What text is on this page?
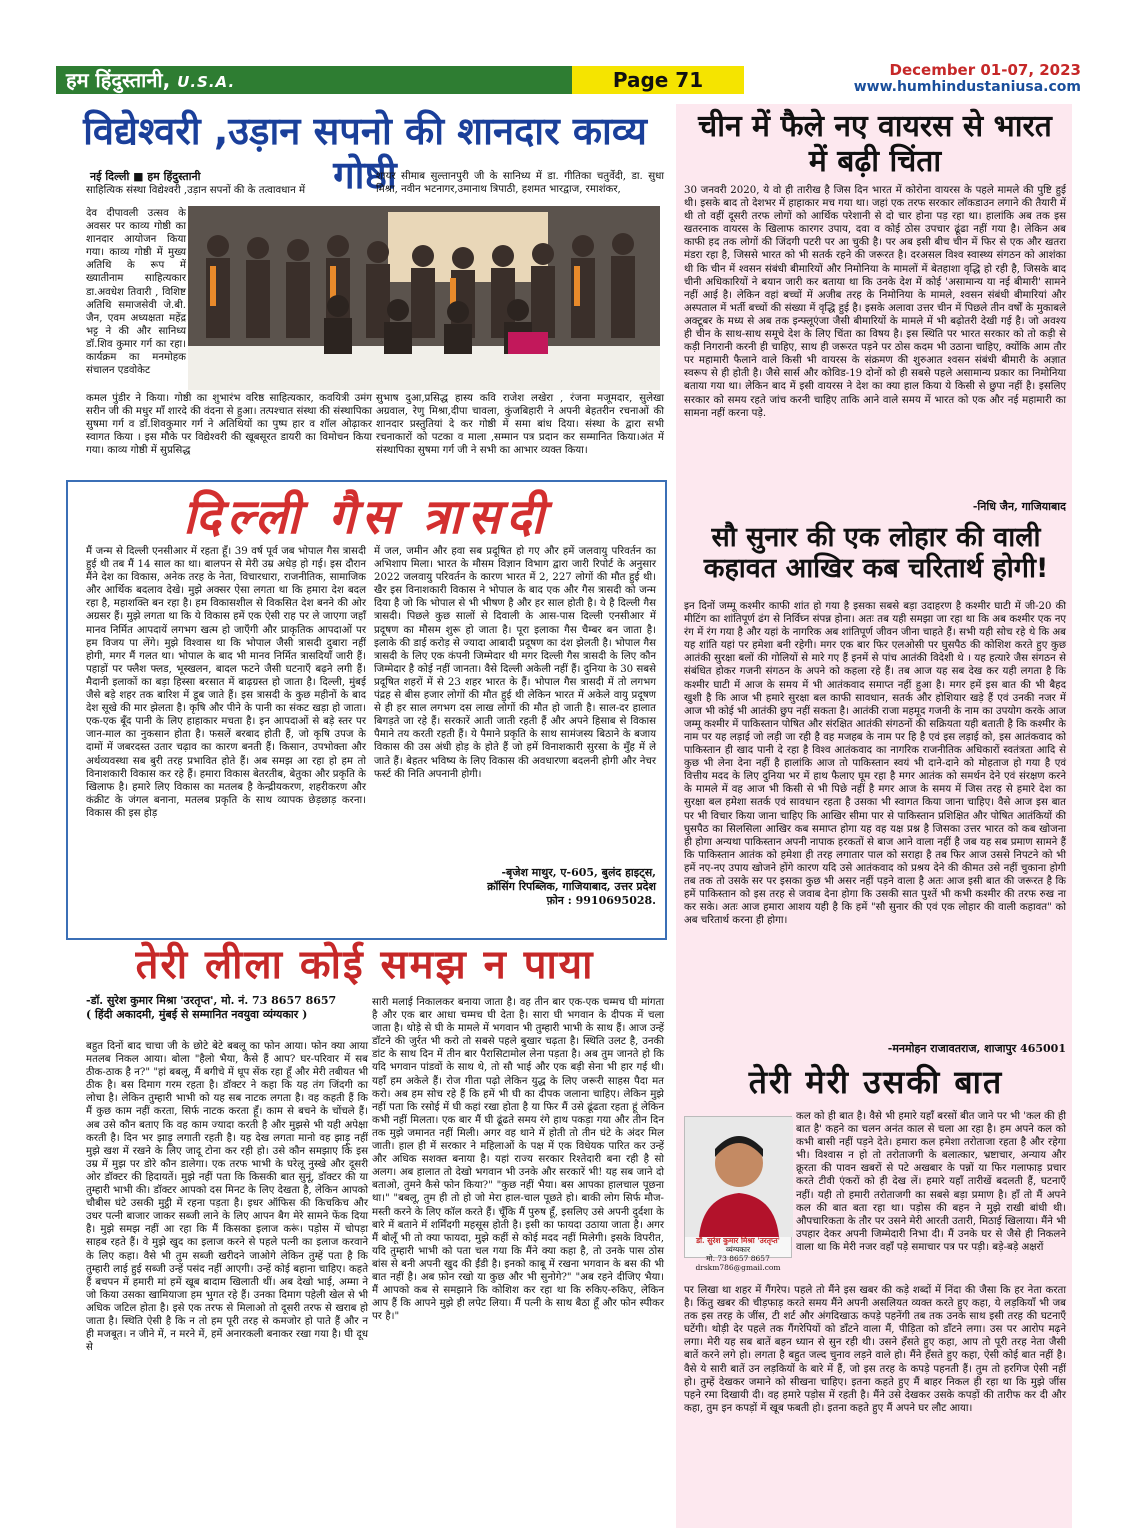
हम हिंदुस्तानी, U.S.A.	Page 71	December 01-07, 2023
www.humhindustaniusa.com
विद्येश्वरी ,उड़ान सपनो की शानदार काव्य गोष्ठी
नई दिल्ली ■ हम हिंदुस्तानी	शायर सीमाब सुल्तानपुरी जी के सानिध्य में डा. गीतिका चतुर्वेदी, डा. सुधा मिश्रा, नवीन भटनागर,उमानाथ त्रिपाठी, हशमत भारद्वाज, रमाशंकर,
साहित्यिक संस्था विद्येश्वरी ,उड़ान सपनों की के तत्वावधान में
देव दीपावली उत्सव के अवसर पर काव्य गोष्ठी का शानदार आयोजन किया गया। काव्य गोष्ठी में मुख्य अतिथि के रूप में ख्यातीनाम साहित्यकार डा.अवधेश तिवारी , विशिष्ट अतिथि समाजसेवी जे.बी. जैन, एवम अध्यक्षता महेंद्र भट्ट ने की और सानिध्य डॉ.शिव कुमार गर्ग का रहा। कार्यक्रम का मनमोहक संचालन एडवोकेट
कमल पुंडीर ने किया। गोष्ठी का शुभारंभ वरिष्ठ साहित्यकार, कवयित्री उमंग सरीन जी की मधुर माँ शारदे की वंदना से हुआ। तत्पश्चात संस्था की संस्थापिका सुषमा गर्ग व डॉ.शिवकुमार गर्ग ने अतिथियों का पुष्प हार व शॉल ओढ़ाकर स्वागत किया । इस मौके पर विद्येश्वरी की खूबसूरत डायरी का विमोचन किया गया। काव्य गोष्ठी में सुप्रसिद्ध
सुभाष दुआ,प्रसिद्ध हास्य कवि राजेश लखेरा , रंजना मजूमदार, सुलेखा अग्रवाल, रेणु मिश्रा,दीपा चावला, कुंजबिहारी ने अपनी बेहतरीन रचनाओं की शानदार प्रस्तुतियां दे कर गोष्ठी में समा बांध दिया। संस्था के द्वारा सभी रचनाकारों को पटका व माला ,सम्मान पत्र प्रदान कर सम्मानित किया।अंत में संस्थापिका सुषमा गर्ग जी ने सभी का आभार व्यक्त किया।
दिल्ली गैस त्रासदी
मैं जन्म से दिल्ली एनसीआर में रहता हूँ। 39 वर्ष पूर्व जब भोपाल गैस त्रासदी हुई थी तब मैं 14 साल का था। बालपन से मेरी उम्र अधेड़ हो गई। इस दौरान मैंने देश का विकास, अनेक तरह के नेता, विचारधारा, राजनीतिक, सामाजिक और आर्थिक बदलाव देखे। मुझे अक्सर ऐसा लगता था कि हमारा देश बदल रहा है, महाशक्ति बन रहा है। हम विकासशील से विकसित देश बनने की ओर अग्रसर हैं। मुझे लगता था कि ये विकास हमें एक ऐसी राह पर ले जाएगा जहाँ मानव निर्मित आपदायें लगभग खत्म हो जाएँगी और प्राकृतिक आपदाओं पर हम विजय पा लेंगे। मुझे विश्वास था कि भोपाल जैसी त्रासदी दुबारा नहीं होगी, मगर मैं गलत था। भोपाल के बाद भी मानव निर्मित त्रासदियाँ जारी हैं। पहाड़ों पर फ्लैश फ्लड, भूस्खलन, बादल फटने जैसी घटनाएँ बढ़ने लगी हैं। मैदानी इलाकों का बड़ा हिस्सा बरसात में बाढ़ग्रस्त हो जाता है। दिल्ली, मुंबई जैसे बड़े शहर तक बारिश में डूब जाते हैं। इस त्रासदी के कुछ महीनों के बाद देश सूखे की मार झेलता है। कृषि और पीने के पानी का संकट खड़ा हो जाता। एक-एक बूँद पानी के लिए हाहाकार मचता है। इन आपदाओं से बड़े स्तर पर जान-माल का नुकसान होता है। फसलें बरबाद होती हैं, जो कृषि उपज के दामों में जबरदस्त उतार चढ़ाव का कारण बनती हैं। किसान, उपभोक्ता और अर्थव्यवस्था सब बुरी तरह प्रभावित होते हैं। अब समझ आ रहा हो हम तो विनाशकारी विकास कर रहे हैं। हमारा विकास बेतरतीब, बेतुका और प्रकृति के खिलाफ है। हमारे लिए विकास का मतलब है केन्द्रीयकरण, शहरीकरण और कंक्रीट के जंगल बनाना, मतलब प्रकृति के साथ व्यापक छेड़छाड़ करना। विकास की इस होड़
में जल, जमीन और हवा सब प्रदूषित हो गए और हमें जलवायु परिवर्तन का अभिशाप मिला। भारत के मौसम विज्ञान विभाग द्वारा जारी रिपोर्ट के अनुसार 2022 जलवायु परिवर्तन के कारण भारत में 2, 227 लोगों की मौत हुई थी। खैर इस विनाशकारी विकास ने भोपाल के बाद एक और गैस त्रासदी को जन्म दिया है जो कि भोपाल से भी भीषण है और हर साल होती है। ये है दिल्ली गैस त्रासदी। पिछले कुछ सालों से दिवाली के आस-पास दिल्ली एनसीआर में प्रदूषण का मौसम शुरू हो जाता है। पूरा इलाका गैस चैम्बर बन जाता है। इलाके की डाई करोड़ से ज्यादा आबादी प्रदूषण का दंश झेलती है। भोपाल गैस त्रासदी के लिए एक कंपनी जिम्मेदार थी मगर दिल्ली गैस त्रासदी के लिए कौन जिम्मेदार है कोई नहीं जानता। वैसे दिल्ली अकेली नहीं हैं। दुनिया के 30 सबसे प्रदूषित शहरों में से 23 शहर भारत के हैं। भोपाल गैस त्रासदी में तो लगभग पंद्रह से बीस हजार लोगों की मौत हुई थी लेकिन भारत में अकेले वायु प्रदूषण से ही हर साल लगभग दस लाख लोगों की मौत हो जाती है। साल-दर हालात बिगड़ते जा रहे हैं। सरकारें आती जाती रहती हैं और अपने हिसाब से विकास पैमाने तय करती रहती हैं। ये पैमाने प्रकृति के साथ सामंजस्य बिठाने के बजाय विकास की उस अंधी होड़ के होते हैं जो हमें विनाशकारी सुरसा के मुँह में ले जाते हैं। बेहतर भविष्य के लिए विकास की अवधारणा बदलनी होगी और नेचर फर्स्ट की निति अपनानी होगी।
-बृजेश माथुर, ए-605, बुलंद हाइट्स,
क्रॉसिंग रिपब्लिक, गाजियाबाद, उत्तर प्रदेश
फ़ोन : 9910695028.
तेरी लीला कोई समझ न पाया
-डॉ. सुरेश कुमार मिश्रा 'उरतृप्त', मो. नं. 73 8657 8657
( हिंदी अकादमी, मुंबई से सम्मानित नवयुवा व्यंग्यकार )
बहुत दिनों बाद चाचा जी के छोटे बेटे बबलू का फोन आया। फोन क्या आया मतलब निकल आया। बोला "हैलो भैया, कैसे हैं आप? घर-परिवार में सब ठीक-ठाक है न?" "हां बबलू, मैं बगीचे में धूप सेंक रहा हूँ और मेरी तबीयत भी ठीक है। बस दिमाग गरम रहता है। डॉक्टर ने कहा कि यह तंग जिंदगी का लोचा है। लेकिन तुम्हारी भाभी को यह सब नाटक लगता है। वह कहती हैं कि मैं कुछ काम नहीं करता, सिर्फ नाटक करता हूँ। काम से बचने के चोंचले हैं। अब उसे कौन बताए कि वह काम ज्यादा करती है और मुझसे भी यही अपेक्षा करती है। दिन भर झाड़ू लगाती रहती है। यह देख लगता मानो वह झाड़ू नहीं मुझे खश में रखने के लिए जादू टोना कर रही हो। उसे कौन समझाए कि इस उम्र में मुझ पर डोरे कौन डालेगा। एक तरफ भाभी के घरेलू नुस्खे और दूसरी ओर डॉक्टर की हिदायतें। मुझे नहीं पता कि किसकी बात सुनूं, डॉक्टर की या तुम्हारी भाभी की। डॉक्टर आपको दस मिनट के लिए देखता है, लेकिन आपको चौबीस घंटे उसकी मुट्ठी में रहना पड़ता है। इधर ऑफिस की किचकिच और उधर पत्नी बाजार जाकर सब्जी लाने के लिए आपन बैग मेरे सामने फेंक दिया है। मुझे समझ नहीं आ रहा कि मैं किसका इलाज करूं। पड़ोस में चोपड़ा साहब रहते हैं। वे मुझे खुद का इलाज करने से पहले पत्नी का इलाज करवाने के लिए कहा। वैसे भी तुम सब्जी खरीदने जाओगे लेकिन तुम्हें पता है कि तुम्हारी लाई हुई सब्जी उन्हें पसंद नहीं आएगी। उन्हें कोई बहाना चाहिए। कहते हैं बचपन में हमारी मां हमें खूब बादाम खिलाती थीं। अब देखो भाई, अम्मा ने जो किया उसका खामियाजा हम भुगत रहे हैं। उनका दिमाग पहेली खेल से भी अधिक जटिल होता है। इसे एक तरफ से मिलाओ तो दूसरी तरफ से खराब हो जाता है। स्थिति ऐसी है कि न तो हम पूरी तरह से कमजोर हो पाते हैं और न ही मजबूत। न जीने में, न मरने में, हमें अनारकली बनाकर रखा गया है। घी दूध से
सारी मलाई निकालकर बनाया जाता है। वह तीन बार एक-एक चम्मच घी मांगता है और एक बार आधा चम्मच घी देता है। सारा घी भगवान के दीपक में चला जाता है। थोड़े से घी के मामले में भगवान भी तुम्हारी भाभी के साथ हैं। आज उन्हें डॉटने की जुर्रत भी करो तो सबसे पहले बुखार चढ़ता है। स्थिति उलट है, उनकी डांट के साथ दिन में तीन बार पैरासिटामोल लेना पड़ता है। अब तुम जानते हो कि यदि भगवान पांडवों के साथ थे, तो सौ भाई और एक बड़ी सेना भी हार गई थी। यहाँ हम अकेले हैं। रोज गीता पढ़ो लेकिन युद्ध के लिए जरूरी साहस पैदा मत करो। अब हम सोच रहे हैं कि हमें भी घी का दीपक जलाना चाहिए। लेकिन मुझे नहीं पता कि रसोई में घी कहां रखा होता है या फिर मैं उसे ढूंढता रहता हूं लेकिन कभी नहीं मिलता। एक बार मैं घी ढूंढते समय रंगे हाथ पकड़ा गया और तीन दिन तक मुझे जमानत नहीं मिली। अगर वह थाने में होती तो तीन घंटे के अंदर मिल जाती। हाल ही में सरकार ने महिलाओं के पक्ष में एक विधेयक पारित कर उन्हें और अधिक सशक्त बनाया है। यहां राज्य सरकार रिश्तेदारी बना रही है सो अलग। अब हालात तो देखो भगवान भी उनके और सरकारें भी! यह सब जाने दो बताओ, तुमने कैसे फोन किया?" "कुछ नहीं भैया। बस आपका हालचाल पूछना था।" "बबलू, तुम ही तो हो जो मेरा हाल-चाल पूछते हो। बाकी लोग सिर्फ मौज-मस्ती करने के लिए कॉल करते हैं। चूँकि मैं पुरुष हूँ, इसलिए उसे अपनी दुर्दशा के बारे में बताने में शर्मिंदगी महसूस होती है। इसी का फायदा उठाया जाता है। अगर मैं बोलूँ भी तो क्या फायदा, मुझे कहीं से कोई मदद नहीं मिलेगी। इसके विपरीत, यदि तुम्हारी भाभी को पता चल गया कि मैंने क्या कहा है, तो उनके पास ठोस बांस से बनी अपनी खुद की ईंडी है। इनको काबू में रखना भगवान के बस की भी बात नहीं है। अब फ़ोन रखो या कुछ और भी सुनोगे?" "अब रहने दीजिए भैया। मैं आपको कब से समझाने कि कोशिश कर रहा था कि रुकिए-रुकिए, लेकिन आप हैं कि आपने मुझे ही लपेट लिया। मैं पत्नी के साथ बैठा हूँ और फोन स्पीकर पर है।"
चीन में फैले नए वायरस से भारत में बढ़ी चिंता
30 जनवरी 2020, ये वो ही तारीख है जिस दिन भारत में कोरोना वायरस के पहले मामले की पुष्टि हुई थी। इसके बाद तो देशभर में हाहाकार मच गया था। जहां एक तरफ सरकार लॉकडाउन लगाने की तैयारी में थी तो वहीं दूसरी तरफ लोगों को आर्थिक परेशानी से दो चार होना पड़ रहा था। हालांकि अब तक इस खतरनाक वायरस के खिलाफ कारगर उपाय, दवा व कोई ठोस उपचार ढूंढा नहीं गया है। लेकिन अब काफी हद तक लोगों की जिंदगी पटरी पर आ चुकी है। पर अब इसी बीच चीन में फिर से एक और खतरा मंडरा रहा है, जिससे भारत को भी सतर्क रहने की जरूरत है। दरअसल विश्व स्वास्थ्य संगठन को आशंका थी कि चीन में श्वसन संबंधी बीमारियों और निमोनिया के मामलों में बेतहाशा वृद्धि हो रही है, जिसके बाद चीनी अधिकारियों ने बयान जारी कर बताया था कि उनके देश में कोई 'असामान्य या नई बीमारी' सामने नहीं आई है। लेकिन वहां बच्चों में अजीब तरह के निमोनिया के मामले, श्वसन संबंधी बीमारियां और अस्पताल में भर्ती बच्चों की संख्या में वृद्धि हुई है। इसके अलावा उत्तर चीन में पिछले तीन वर्षों के मुकाबले अक्टूबर के मध्य से अब तक इन्फ्लूएंजा जैसी बीमारियों के मामले में भी बढ़ोतरी देखी गई है। जो अवश्य ही चीन के साथ-साथ समूचे देश के लिए चिंता का विषय है। इस स्थिति पर भारत सरकार को तो कड़ी से कड़ी निगरानी करनी ही चाहिए, साथ ही जरूरत पड़ने पर ठोस कदम भी उठाना चाहिए, क्योंकि आम तौर पर महामारी फैलाने वाले किसी भी वायरस के संक्रमण की शुरुआत श्वसन संबंधी बीमारी के अज्ञात स्वरूप से ही होती है। जैसे सार्स और कोविड-19 दोनों को ही सबसे पहले असामान्य प्रकार का निमोनिया बताया गया था। लेकिन बाद में इसी वायरस ने देश का क्या हाल किया ये किसी से छुपा नहीं है। इसलिए सरकार को समय रहते जांच करनी चाहिए ताकि आने वाले समय में भारत को एक और नई महामारी का सामना नहीं करना पड़े.
-निधि जैन, गाजियाबाद
सौ सुनार की एक लोहार की वाली कहावत आखिर कब चरितार्थ होगी!
इन दिनों जम्मू कश्मीर काफी शांत हो गया है इसका सबसे बड़ा उदाहरण है कश्मीर घाटी में जी-20 की मीटिंग का शांतिपूर्ण ढंग से निर्विघ्न संपन्न होना। अतः तब यही समझा जा रहा था कि अब कश्मीर एक नए रंग में रंग गया है और यहां के नागरिक अब शांतिपूर्ण जीवन जीना चाहते हैं। सभी यही सोच रहे थे कि अब यह शांति यहां पर हमेशा बनी रहेगी। मगर एक बार फिर एलओसी पर घुसपैठ की कोशिश करते हुए कुछ आतंकी सुरक्षा बलों की गोलियों से मारे गए हैं इनमें से पांच आतंकी विदेशी थे । यह हत्यारे जैस संगठन से संबंधित होकर गजनी संगठन के अपने को कहला रहे हैं। तब आज यह सब देख कर यही लगता है कि कश्मीर घाटी में आज के समय में भी आतंकवाद समाप्त नहीं हुआ है। मगर हमें इस बात की भी बैहद खुशी है कि आज भी हमारे सुरक्षा बल काफी सावधान, सतर्क और होशियार खड़े हैं एवं उनकी नजर में आज भी कोई भी आतंकी छुप नहीं सकता है। आतंकी राजा महमूद गजनी के नाम का उपयोग करके आज जम्मू कश्मीर में पाकिस्तान पोषित और संरक्षित आतंकी संगठनों की सक्रियता यही बताती है कि कश्मीर के नाम पर यह लड़ाई जो लड़ी जा रही है वह मजहब के नाम पर हि है एवं इस लड़ाई को, इस आतंकवाद को पाकिस्तान ही खाद पानी दे रहा है विश्व आतंकवाद का नागरिक राजनीतिक अधिकारों स्वतंत्रता आदि से कुछ भी लेना देना नहीं है हालांकि आज तो पाकिस्तान स्वयं भी दाने-दाने को मोहताज हो गया है एवं वित्तीय मदद के लिए दुनिया भर में हाथ फैलाए घूम रहा है मगर आतंक को समर्थन देने एवं संरक्षण करने के मामले में वह आज भी किसी से भी पिछे नहीं है मगर आज के समय में जिस तरह से हमारे देश का सुरक्षा बल हमेशा सतर्क एवं सावधान रहता है उसका भी स्वागत किया जाना चाहिए। वैसे आज इस बात पर भी विचार किया जाना चाहिए कि आखिर सीमा पार से पाकिस्तान प्रशिक्षित और पोषित आतंकियों की घुसपैठ का सिलसिला आखिर कब समाप्त होगा यह वह यक्ष प्रश्न है जिसका उत्तर भारत को कब खोजना ही होगा अन्यथा पाकिस्तान अपनी नापाक हरकतों से बाज आने वाला नहीं है जब यह सब प्रमाण सामने हैं कि पाकिस्तान आतंक को हमेशा ही तरह लगातार पाल को सराहा है तब फिर आज उससे निपटने को भी हमें नए-नए उपाय खोजने होंगे कारण यदि उसे आतंकवाद को प्रश्रय देने की कीमत उसे नहीं चुकाना होगी तब तक तो उसके सर पर इसका कुछ भी असर नहीं पड़ने वाला है अतः आज इसी बात की जरूरत है कि हमें पाकिस्तान को इस तरह से जवाब देना होगा कि उसकी सात पुश्तें भी कभी कश्मीर की तरफ रुख ना कर सके। अतः आज हमारा आशय यही है कि हमें "सौ सुनार की एवं एक लोहार की वाली कहावत" को अब चरितार्थ करना ही होगा।
-मनमोहन राजावतराज, शाजापुर 465001
तेरी मेरी उसकी बात
डॉ. सुरेश कुमार मिश्रा 'उरतृप्त'
व्यंग्यकार
मो. 73 8657 8657
drskm786@gmail.com
कल को ही बात है। वैसे भी हमारे यहाँ बरसों बीत जाने पर भी 'कल की ही बात है' कहने का चलन अनंत काल से चला आ रहा है। हम अपने कल को कभी बासी नहीं पड़ने देते। हमारा कल हमेशा तरोताजा रहता है और रहेगा भी। विश्वास न हो तो तरोताजगी के बलात्कार, भ्रष्टाचार, अन्याय और क्रूरता की पावन खबरों से पटे अखबार के पन्नों या फिर गलाफाड़ प्रचार करते टीवी एंकरों को ही देख लें। हमारे यहाँ तारीखें बदलती हैं, घटनाएँ नहीं। यही तो हमारी तरोताजगी का सबसे बड़ा प्रमाण है। हाँ तो मैं अपने कल की बात बता रहा था। पड़ोस की बहन ने मुझे राखी बांधी थी। औपचारिकता के तौर पर उसने मेरी आरती उतारी, मिठाई खिलाया। मैंने भी उपहार देकर अपनी जिम्मेदारी निभा दी। मैं उनके घर से जैसे ही निकलने वाला था कि मेरी नजर वहाँ पड़े समाचार पत्र पर पड़ी। बड़े-बड़े अक्षरों
पर लिखा था शहर में गैंगरेप। पहले तो मैंने इस खबर की कड़े शब्दों में निंदा की जैसा कि हर नेता करता है। किंतु खबर की चीड़फाड़ करते समय मैंने अपनी असलियत व्यक्त करते हुए कहा, ये लड़कियाँ भी जब तक इस तरह के जींस, टी शर्ट और अंगदिखाऊ कपड़े पहनेंगी तब तक उनके साथ इसी तरह की घटनाएँ घटेंगी। थोड़ी देर पहले तक गैंगरेपियों को डाँटने वाला मैं, पीड़िता को डाँटने लगा। उस पर आरोप मढ़ने लगा। मेरी यह सब बातें बहन ध्यान से सुन रही थी। उसने हँसते हुए कहा, आप तो पूरी तरह नेता जैसी बातें करने लगे हो। लगता है बहुत जल्द चुनाव लड़ने वाले हो। मैंने हँसते हुए कहा, ऐसी कोई बात नहीं है। वैसे ये सारी बातें उन लड़कियों के बारे में हैं, जो इस तरह के कपड़े पहनती हैं। तुम तो हरगिज ऐसी नहीं हो। तुम्हें देखकर जमाने को सीखना चाहिए। इतना कहते हुए मैं बाहर निकल ही रहा था कि मुझे जींस पहने रमा दिखायी दी। वह हमारे पड़ोस में रहती है। मैंने उसे देखकर उसके कपड़ों की तारीफ कर दी और कहा, तुम इन कपड़ों में खूब फबती हो। इतना कहते हुए मैं अपने घर लौट आया।
